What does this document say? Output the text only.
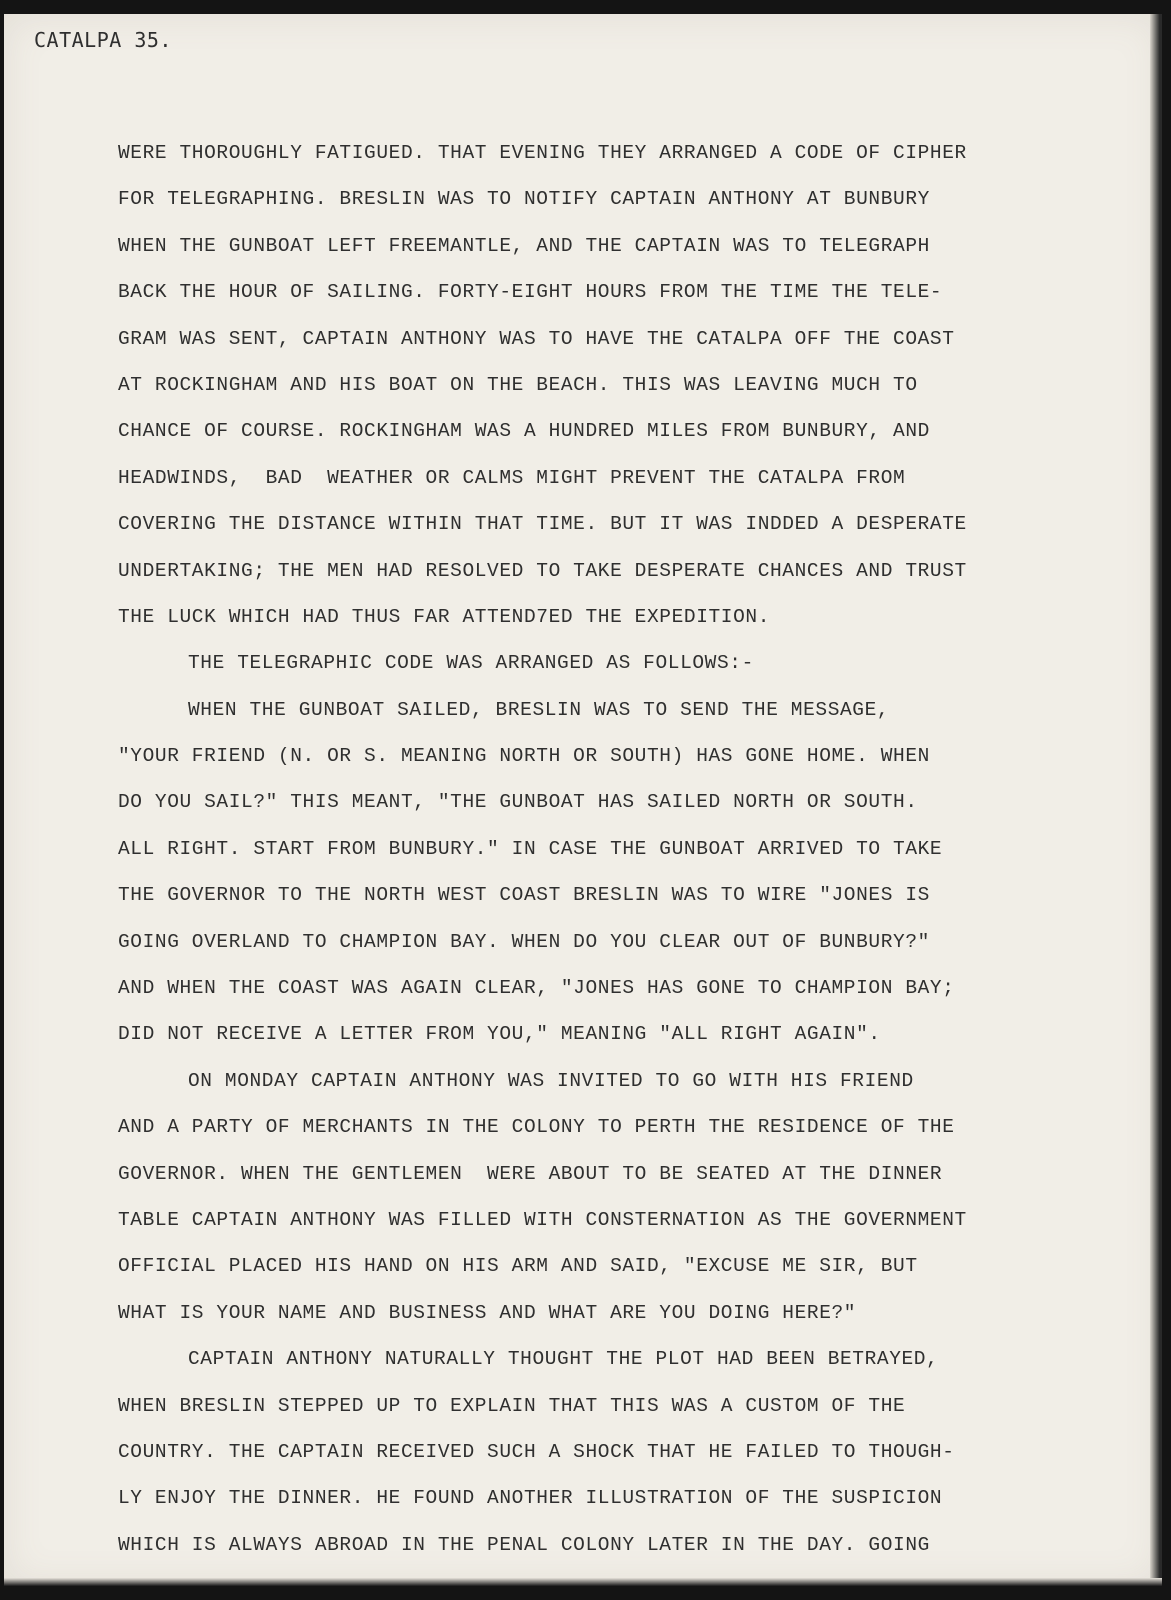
CATALPA 35.
WERE THOROUGHLY FATIGUED. THAT EVENING THEY ARRANGED A CODE OF CIPHER
FOR TELEGRAPHING. BRESLIN WAS TO NOTIFY CAPTAIN ANTHONY AT BUNBURY
WHEN THE GUNBOAT LEFT FREEMANTLE, AND THE CAPTAIN WAS TO TELEGRAPH
BACK THE HOUR OF SAILING. FORTY-EIGHT HOURS FROM THE TIME THE TELE-
GRAM WAS SENT, CAPTAIN ANTHONY WAS TO HAVE THE CATALPA OFF THE COAST
AT ROCKINGHAM AND HIS BOAT ON THE BEACH. THIS WAS LEAVING MUCH TO
CHANCE OF COURSE. ROCKINGHAM WAS A HUNDRED MILES FROM BUNBURY, AND
HEADWINDS,  BAD  WEATHER OR CALMS MIGHT PREVENT THE CATALPA FROM
COVERING THE DISTANCE WITHIN THAT TIME. BUT IT WAS INDDED A DESPERATE
UNDERTAKING; THE MEN HAD RESOLVED TO TAKE DESPERATE CHANCES AND TRUST
THE LUCK WHICH HAD THUS FAR ATTEND7ED THE EXPEDITION.
THE TELEGRAPHIC CODE WAS ARRANGED AS FOLLOWS:-
WHEN THE GUNBOAT SAILED, BRESLIN WAS TO SEND THE MESSAGE,
"YOUR FRIEND (N. OR S. MEANING NORTH OR SOUTH) HAS GONE HOME. WHEN
DO YOU SAIL?" THIS MEANT, "THE GUNBOAT HAS SAILED NORTH OR SOUTH.
ALL RIGHT. START FROM BUNBURY." IN CASE THE GUNBOAT ARRIVED TO TAKE
THE GOVERNOR TO THE NORTH WEST COAST BRESLIN WAS TO WIRE "JONES IS
GOING OVERLAND TO CHAMPION BAY. WHEN DO YOU CLEAR OUT OF BUNBURY?"
AND WHEN THE COAST WAS AGAIN CLEAR, "JONES HAS GONE TO CHAMPION BAY;
DID NOT RECEIVE A LETTER FROM YOU," MEANING "ALL RIGHT AGAIN".
ON MONDAY CAPTAIN ANTHONY WAS INVITED TO GO WITH HIS FRIEND
AND A PARTY OF MERCHANTS IN THE COLONY TO PERTH THE RESIDENCE OF THE
GOVERNOR. WHEN THE GENTLEMEN  WERE ABOUT TO BE SEATED AT THE DINNER
TABLE CAPTAIN ANTHONY WAS FILLED WITH CONSTERNATION AS THE GOVERNMENT
OFFICIAL PLACED HIS HAND ON HIS ARM AND SAID, "EXCUSE ME SIR, BUT
WHAT IS YOUR NAME AND BUSINESS AND WHAT ARE YOU DOING HERE?"
CAPTAIN ANTHONY NATURALLY THOUGHT THE PLOT HAD BEEN BETRAYED,
WHEN BRESLIN STEPPED UP TO EXPLAIN THAT THIS WAS A CUSTOM OF THE
COUNTRY. THE CAPTAIN RECEIVED SUCH A SHOCK THAT HE FAILED TO THOUGH-
LY ENJOY THE DINNER. HE FOUND ANOTHER ILLUSTRATION OF THE SUSPICION
WHICH IS ALWAYS ABROAD IN THE PENAL COLONY LATER IN THE DAY. GOING
